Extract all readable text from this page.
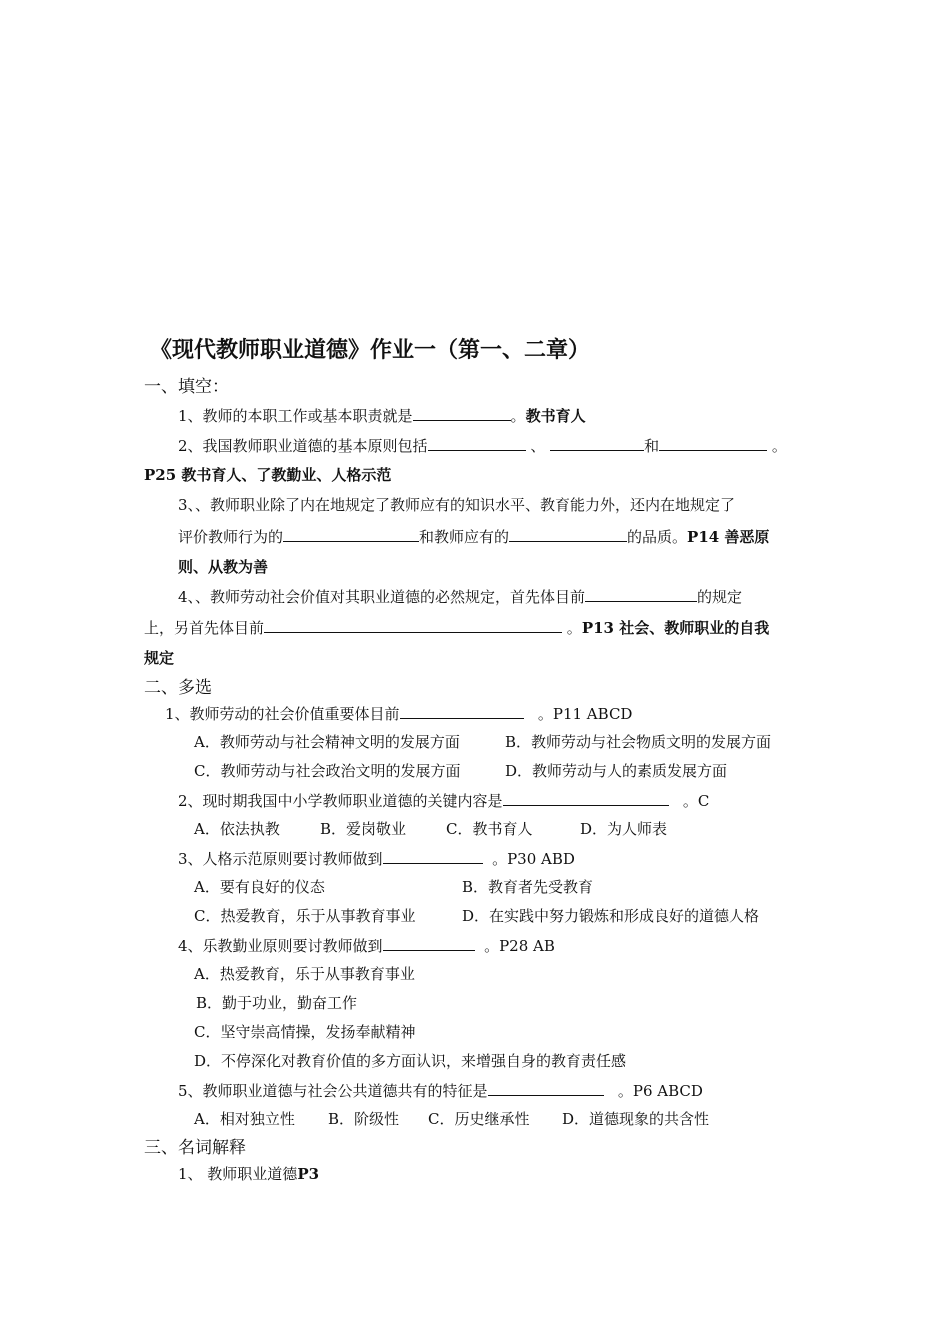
《现代教师职业道德》作业一（第一、二章）
一、填空：
1、教师的本职工作或基本职责就是	。教书育人
2、我国教师职业道德的基本原则包括	、	和	。
P25 教书育人、了教勤业、人格示范
3、、教师职业除了内在地规定了教师应有的知识水平、教育能力外，还内在地规定了
评价教师行为的	和教师应有的	的品质。P14 善恶原
则、从教为善
4、、教师劳动社会价值对其职业道德的必然规定，首先体目前	的规定
上，另首先体目前	。P13 社会、教师职业的自我
规定
二、多选
1、教师劳动的社会价值重要体目前	。P11 ABCD
A．教师劳动与社会精神文明的发展方面	B．教师劳动与社会物质文明的发展方面
C．教师劳动与社会政治文明的发展方面	D．教师劳动与人的素质发展方面
2、现时期我国中小学教师职业道德的关键内容是	。C
A．依法执教	B．爱岗敬业	C．教书育人	D．为人师表
3、人格示范原则要讨教师做到	。P30 ABD
A．要有良好的仪态	B．教育者先受教育
C．热爱教育，乐于从事教育事业	D．在实践中努力锻炼和形成良好的道德人格
4、乐教勤业原则要讨教师做到	。P28 AB
A．热爱教育，乐于从事教育事业
B．勤于功业，勤奋工作
C．坚守崇高情操，发扬奉献精神
D．不停深化对教育价值的多方面认识，来增强自身的教育责任感
5、教师职业道德与社会公共道德共有的特征是	。P6 ABCD
A．相对独立性 B．阶级性 C．历史继承性 D．道德现象的共含性
三、名词解释
1、 教师职业道德P3
